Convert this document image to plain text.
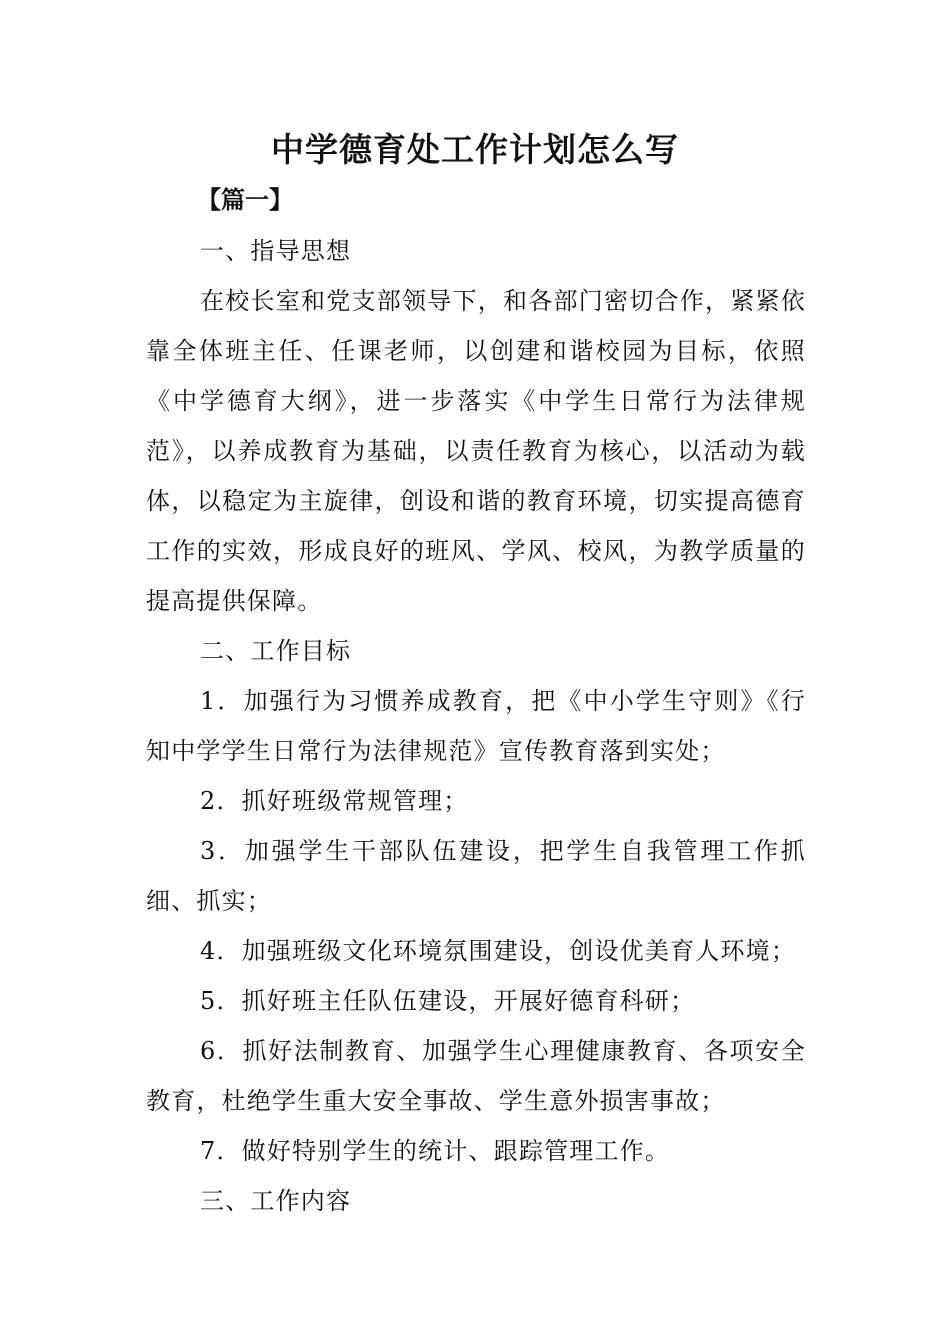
中学德育处工作计划怎么写
【篇一】

一、指导思想

在校长室和党支部领导下，和各部门密切合作，紧紧依靠全体班主任、任课老师，以创建和谐校园为目标，依照《中学德育大纲》，进一步落实《中学生日常行为法律规范》，以养成教育为基础，以责任教育为核心，以活动为载体，以稳定为主旋律，创设和谐的教育环境，切实提高德育工作的实效，形成良好的班风、学风、校风，为教学质量的提高提供保障。

二、工作目标

1．加强行为习惯养成教育，把《中小学生守则》《行知中学学生日常行为法律规范》宣传教育落到实处；

2．抓好班级常规管理；

3．加强学生干部队伍建设，把学生自我管理工作抓细、抓实；

4．加强班级文化环境氛围建设，创设优美育人环境；

5．抓好班主任队伍建设，开展好德育科研；

6．抓好法制教育、加强学生心理健康教育、各项安全教育，杜绝学生重大安全事故、学生意外损害事故；

7．做好特别学生的统计、跟踪管理工作。

三、工作内容
